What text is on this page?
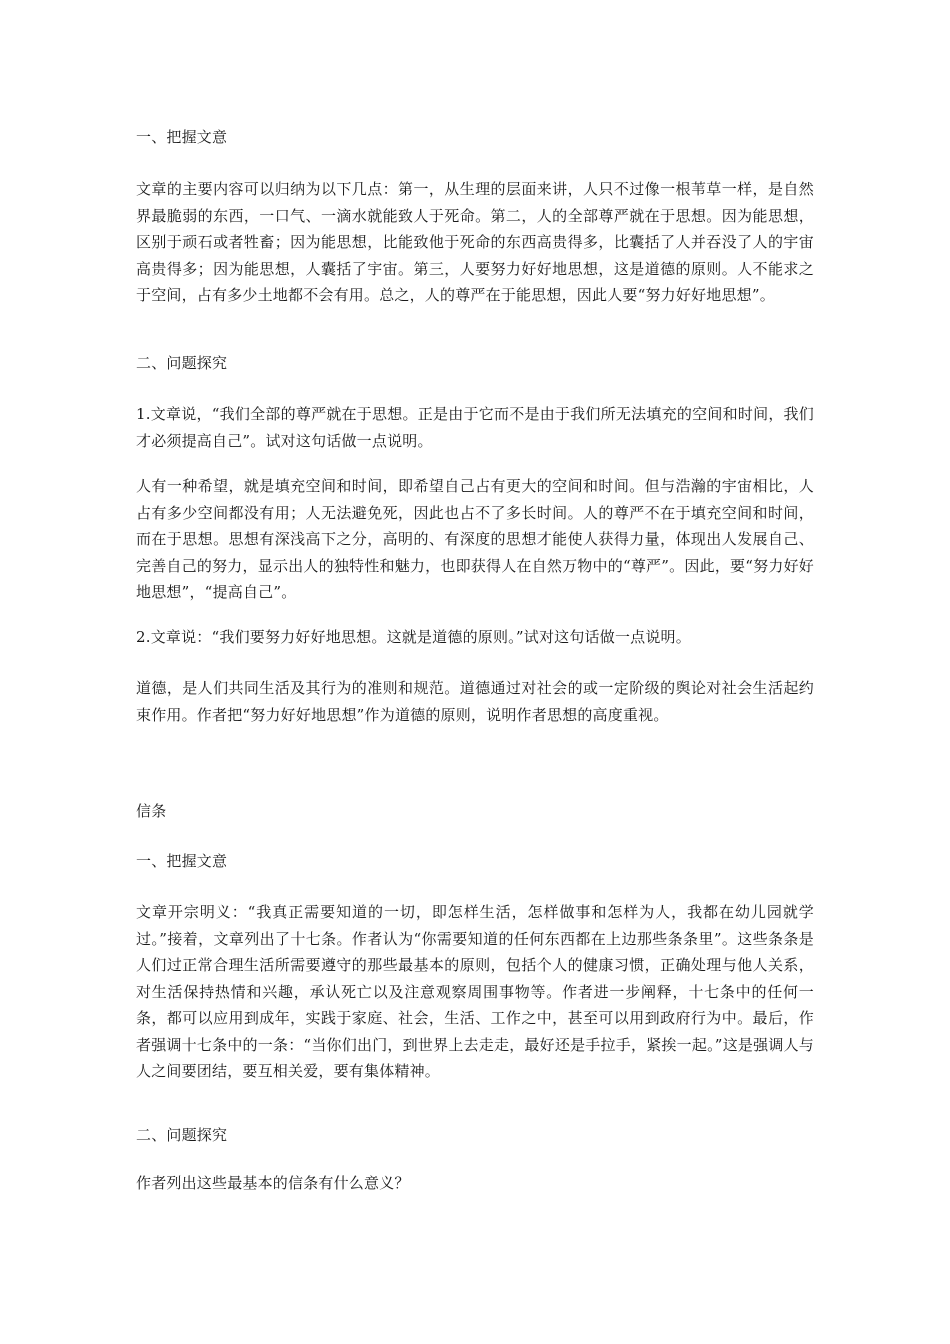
一、把握文意

文章的主要内容可以归纳为以下几点：第一，从生理的层面来讲，人只不过像一根苇草一样，是自然界最脆弱的东西，一口气、一滴水就能致人于死命。第二，人的全部尊严就在于思想。因为能思想，区别于顽石或者牲畜；因为能思想，比能致他于死命的东西高贵得多，比囊括了人并吞没了人的宇宙高贵得多；因为能思想，人囊括了宇宙。第三，人要努力好好地思想，这是道德的原则。人不能求之于空间，占有多少土地都不会有用。总之，人的尊严在于能思想，因此人要“努力好好地思想”。

二、问题探究

1.文章说，“我们全部的尊严就在于思想。正是由于它而不是由于我们所无法填充的空间和时间，我们才必须提高自己”。试对这句话做一点说明。

人有一种希望，就是填充空间和时间，即希望自己占有更大的空间和时间。但与浩瀚的宇宙相比，人占有多少空间都没有用；人无法避免死，因此也占不了多长时间。人的尊严不在于填充空间和时间，而在于思想。思想有深浅高下之分，高明的、有深度的思想才能使人获得力量，体现出人发展自己、完善自己的努力，显示出人的独特性和魅力，也即获得人在自然万物中的“尊严”。因此，要“努力好好地思想”，“提高自己”。

2.文章说：“我们要努力好好地思想。这就是道德的原则。”试对这句话做一点说明。

道德，是人们共同生活及其行为的准则和规范。道德通过对社会的或一定阶级的舆论对社会生活起约束作用。作者把“努力好好地思想”作为道德的原则，说明作者思想的高度重视。

信条

一、把握文意

文章开宗明义：“我真正需要知道的一切，即怎样生活，怎样做事和怎样为人，我都在幼儿园就学过。”接着，文章列出了十七条。作者认为“你需要知道的任何东西都在上边那些条条里”。这些条条是人们过正常合理生活所需要遵守的那些最基本的原则，包括个人的健康习惯，正确处理与他人关系，对生活保持热情和兴趣，承认死亡以及注意观察周围事物等。作者进一步阐释，十七条中的任何一条，都可以应用到成年，实践于家庭、社会，生活、工作之中，甚至可以用到政府行为中。最后，作者强调十七条中的一条：“当你们出门，到世界上去走走，最好还是手拉手，紧挨一起。”这是强调人与人之间要团结，要互相关爱，要有集体精神。

二、问题探究

作者列出这些最基本的信条有什么意义？
